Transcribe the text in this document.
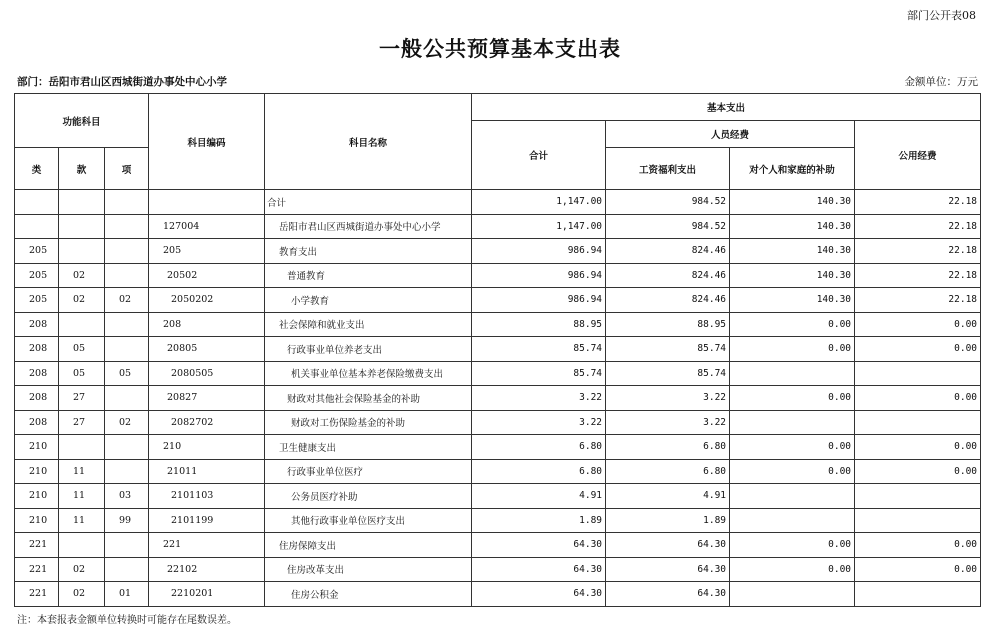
部门公开表08
一般公共预算基本支出表
部门：岳阳市君山区西城街道办事处中心小学	金额单位：万元
功能科目			科目编码	科目名称	基本支出			
					合计	人员经费		公用经费
类	款	项				工资福利支出	对个人和家庭的补助	
				合计	1,147.00	984.52	140.30	22.18
			127004	岳阳市君山区西城街道办事处中心小学	1,147.00	984.52	140.30	22.18
205			205	教育支出	986.94	824.46	140.30	22.18
205	02		20502	普通教育	986.94	824.46	140.30	22.18
205	02	02	2050202	小学教育	986.94	824.46	140.30	22.18
208			208	社会保障和就业支出	88.95	88.95	0.00	0.00
208	05		20805	行政事业单位养老支出	85.74	85.74	0.00	0.00
208	05	05	2080505	机关事业单位基本养老保险缴费支出	85.74	85.74		
208	27		20827	财政对其他社会保险基金的补助	3.22	3.22	0.00	0.00
208	27	02	2082702	财政对工伤保险基金的补助	3.22	3.22		
210			210	卫生健康支出	6.80	6.80	0.00	0.00
210	11		21011	行政事业单位医疗	6.80	6.80	0.00	0.00
210	11	03	2101103	公务员医疗补助	4.91	4.91		
210	11	99	2101199	其他行政事业单位医疗支出	1.89	1.89		
221			221	住房保障支出	64.30	64.30	0.00	0.00
221	02		22102	住房改革支出	64.30	64.30	0.00	0.00
221	02	01	2210201	住房公积金	64.30	64.30		
注：本套报表金额单位转换时可能存在尾数误差。
